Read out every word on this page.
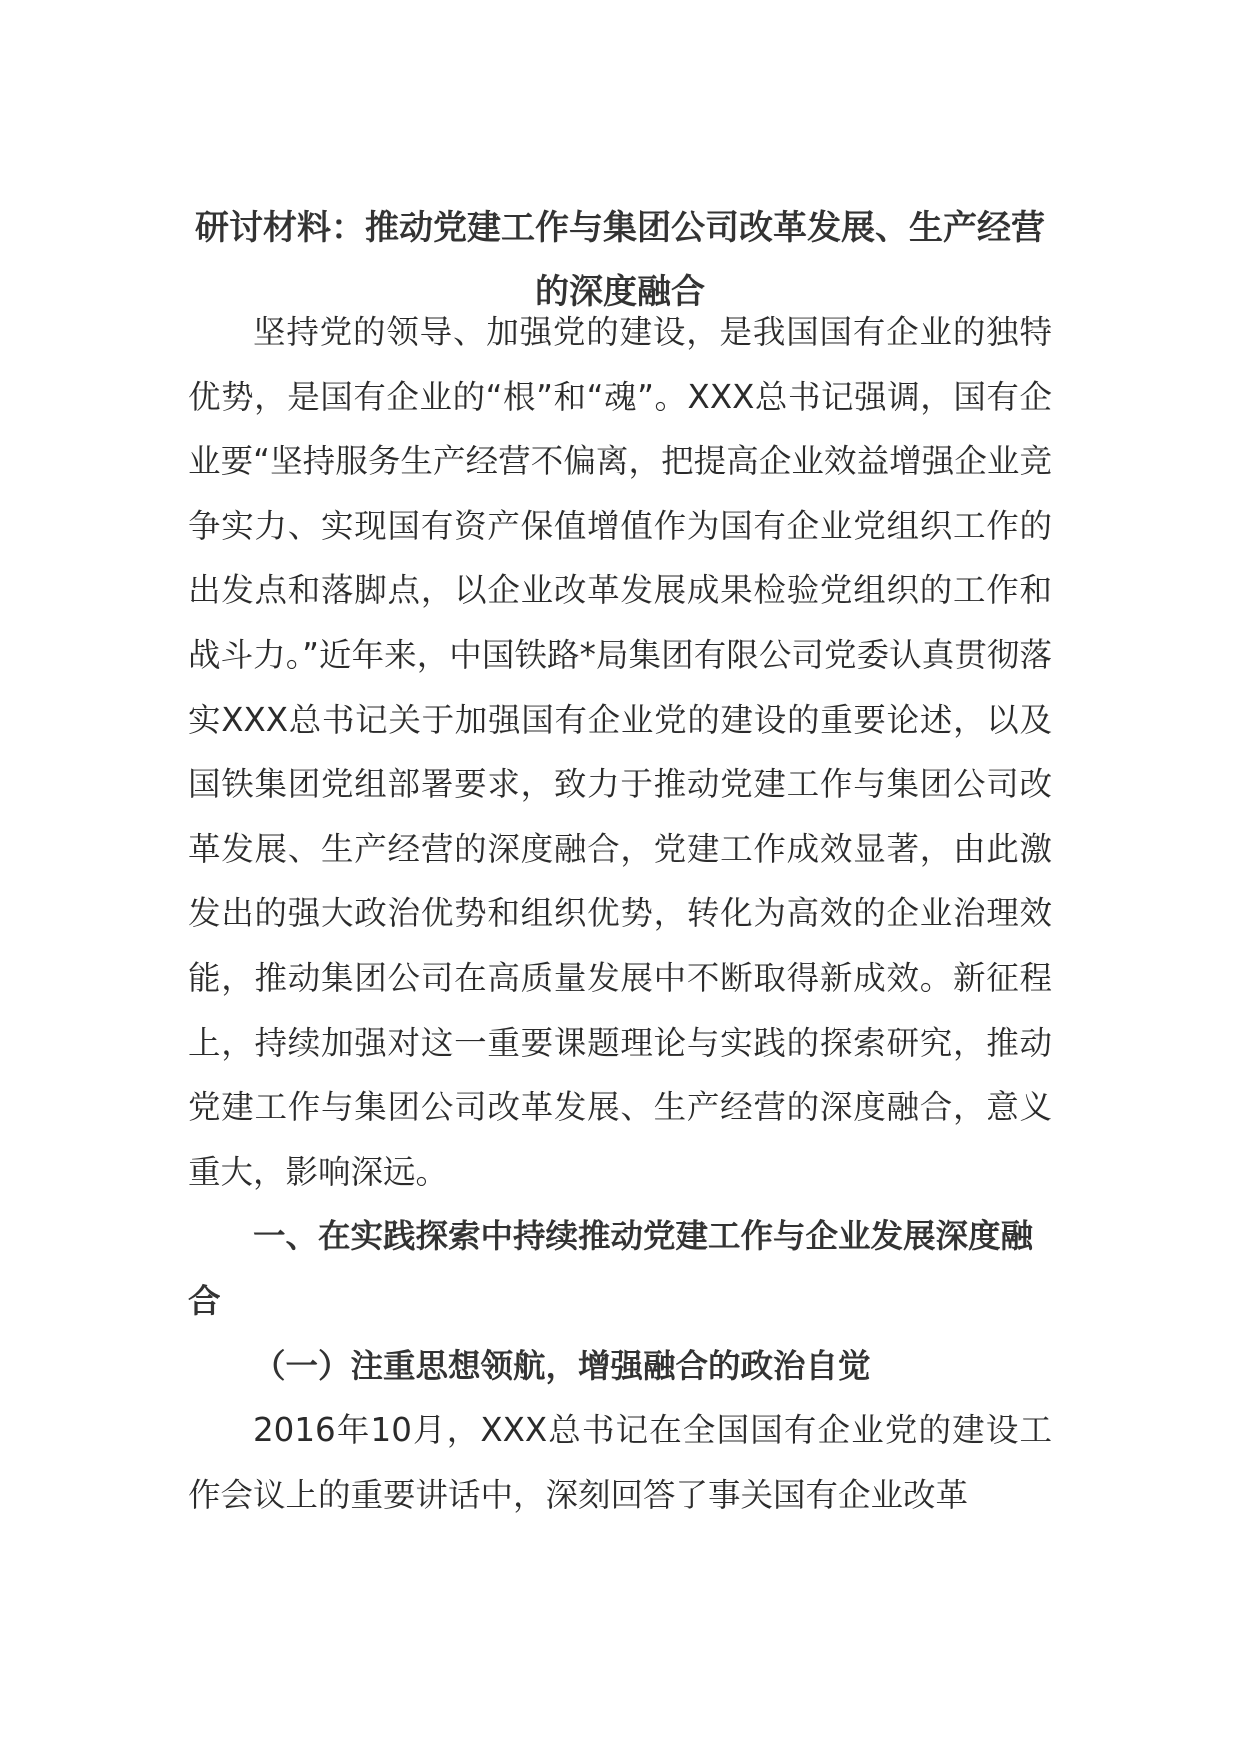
研讨材料：推动党建工作与集团公司改革发展、生产经营
的深度融合

坚持党的领导、加强党的建设，是我国国有企业的独特优势，是国有企业的“根”和“魂”。XXX总书记强调，国有企业要“坚持服务生产经营不偏离，把提高企业效益增强企业竞争实力、实现国有资产保值增值作为国有企业党组织工作的出发点和落脚点，以企业改革发展成果检验党组织的工作和战斗力。”近年来，中国铁路*局集团有限公司党委认真贯彻落实XXX总书记关于加强国有企业党的建设的重要论述，以及国铁集团党组部署要求，致力于推动党建工作与集团公司改革发展、生产经营的深度融合，党建工作成效显著，由此激发出的强大政治优势和组织优势，转化为高效的企业治理效能，推动集团公司在高质量发展中不断取得新成效。新征程上，持续加强对这一重要课题理论与实践的探索研究，推动党建工作与集团公司改革发展、生产经营的深度融合，意义重大，影响深远。

一、在实践探索中持续推动党建工作与企业发展深度融合

（一）注重思想领航，增强融合的政治自觉

2016年10月，XXX总书记在全国国有企业党的建设工作会议上的重要讲话中，深刻回答了事关国有企业改革
